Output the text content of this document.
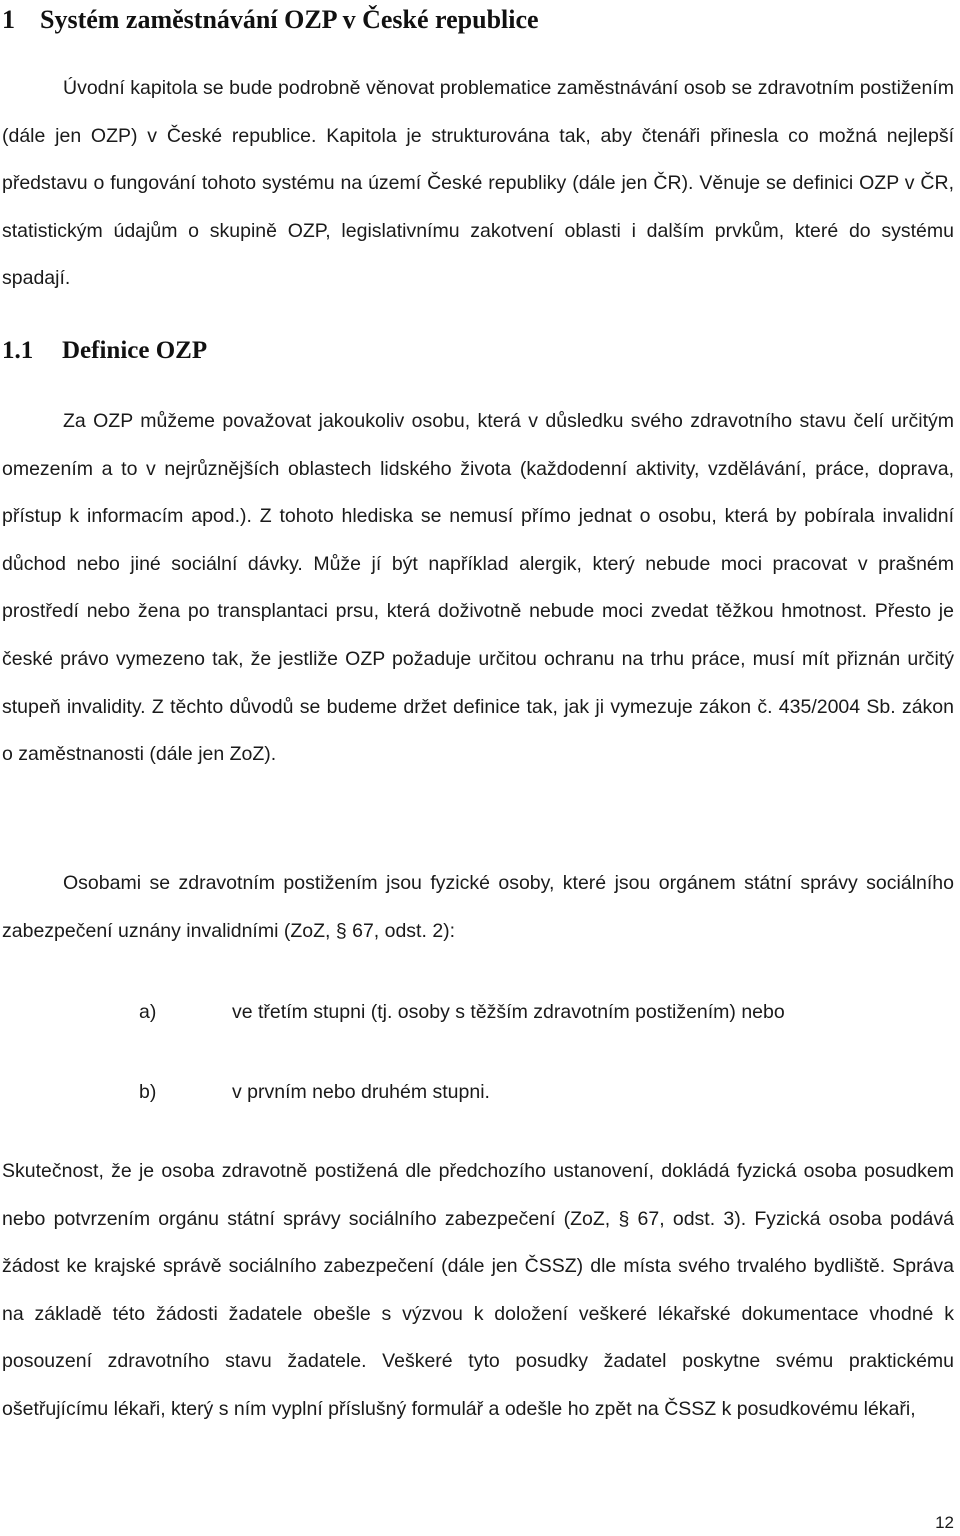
1 Systém zaměstnávání OZP v České republice

Úvodní kapitola se bude podrobně věnovat problematice zaměstnávání osob se zdravotním postižením (dále jen OZP) v České republice. Kapitola je strukturována tak, aby čtenáři přinesla co možná nejlepší představu o fungování tohoto systému na území České republiky (dále jen ČR). Věnuje se definici OZP v ČR, statistickým údajům o skupině OZP, legislativnímu zakotvení oblasti i dalším prvkům, které do systému spadají.

1.1 Definice OZP

Za OZP můžeme považovat jakoukoliv osobu, která v důsledku svého zdravotního stavu čelí určitým omezením a to v nejrůznějších oblastech lidského života (každodenní aktivity, vzdělávání, práce, doprava, přístup k informacím apod.). Z tohoto hlediska se nemusí přímo jednat o osobu, která by pobírala invalidní důchod nebo jiné sociální dávky. Může jí být například alergik, který nebude moci pracovat v prašném prostředí nebo žena po transplantaci prsu, která doživotně nebude moci zvedat těžkou hmotnost. Přesto je české právo vymezeno tak, že jestliže OZP požaduje určitou ochranu na trhu práce, musí mít přiznán určitý stupeň invalidity. Z těchto důvodů se budeme držet definice tak, jak ji vymezuje zákon č. 435/2004 Sb. zákon o zaměstnanosti (dále jen ZoZ).

Osobami se zdravotním postižením jsou fyzické osoby, které jsou orgánem státní správy sociálního zabezpečení uznány invalidními (ZoZ, § 67, odst. 2):

a)	ve třetím stupni (tj. osoby s těžším zdravotním postižením) nebo
b)	v prvním nebo druhém stupni.

Skutečnost, že je osoba zdravotně postižená dle předchozího ustanovení, dokládá fyzická osoba posudkem nebo potvrzením orgánu státní správy sociálního zabezpečení (ZoZ, § 67, odst. 3). Fyzická osoba podává žádost ke krajské správě sociálního zabezpečení (dále jen ČSSZ) dle místa svého trvalého bydliště. Správa na základě této žádosti žadatele obešle s výzvou k doložení veškeré lékařské dokumentace vhodné k posouzení zdravotního stavu žadatele. Veškeré tyto posudky žadatel poskytne svému praktickému ošetřujícímu lékaři, který s ním vyplní příslušný formulář a odešle ho zpět na ČSSZ k posudkovému lékaři,

12
